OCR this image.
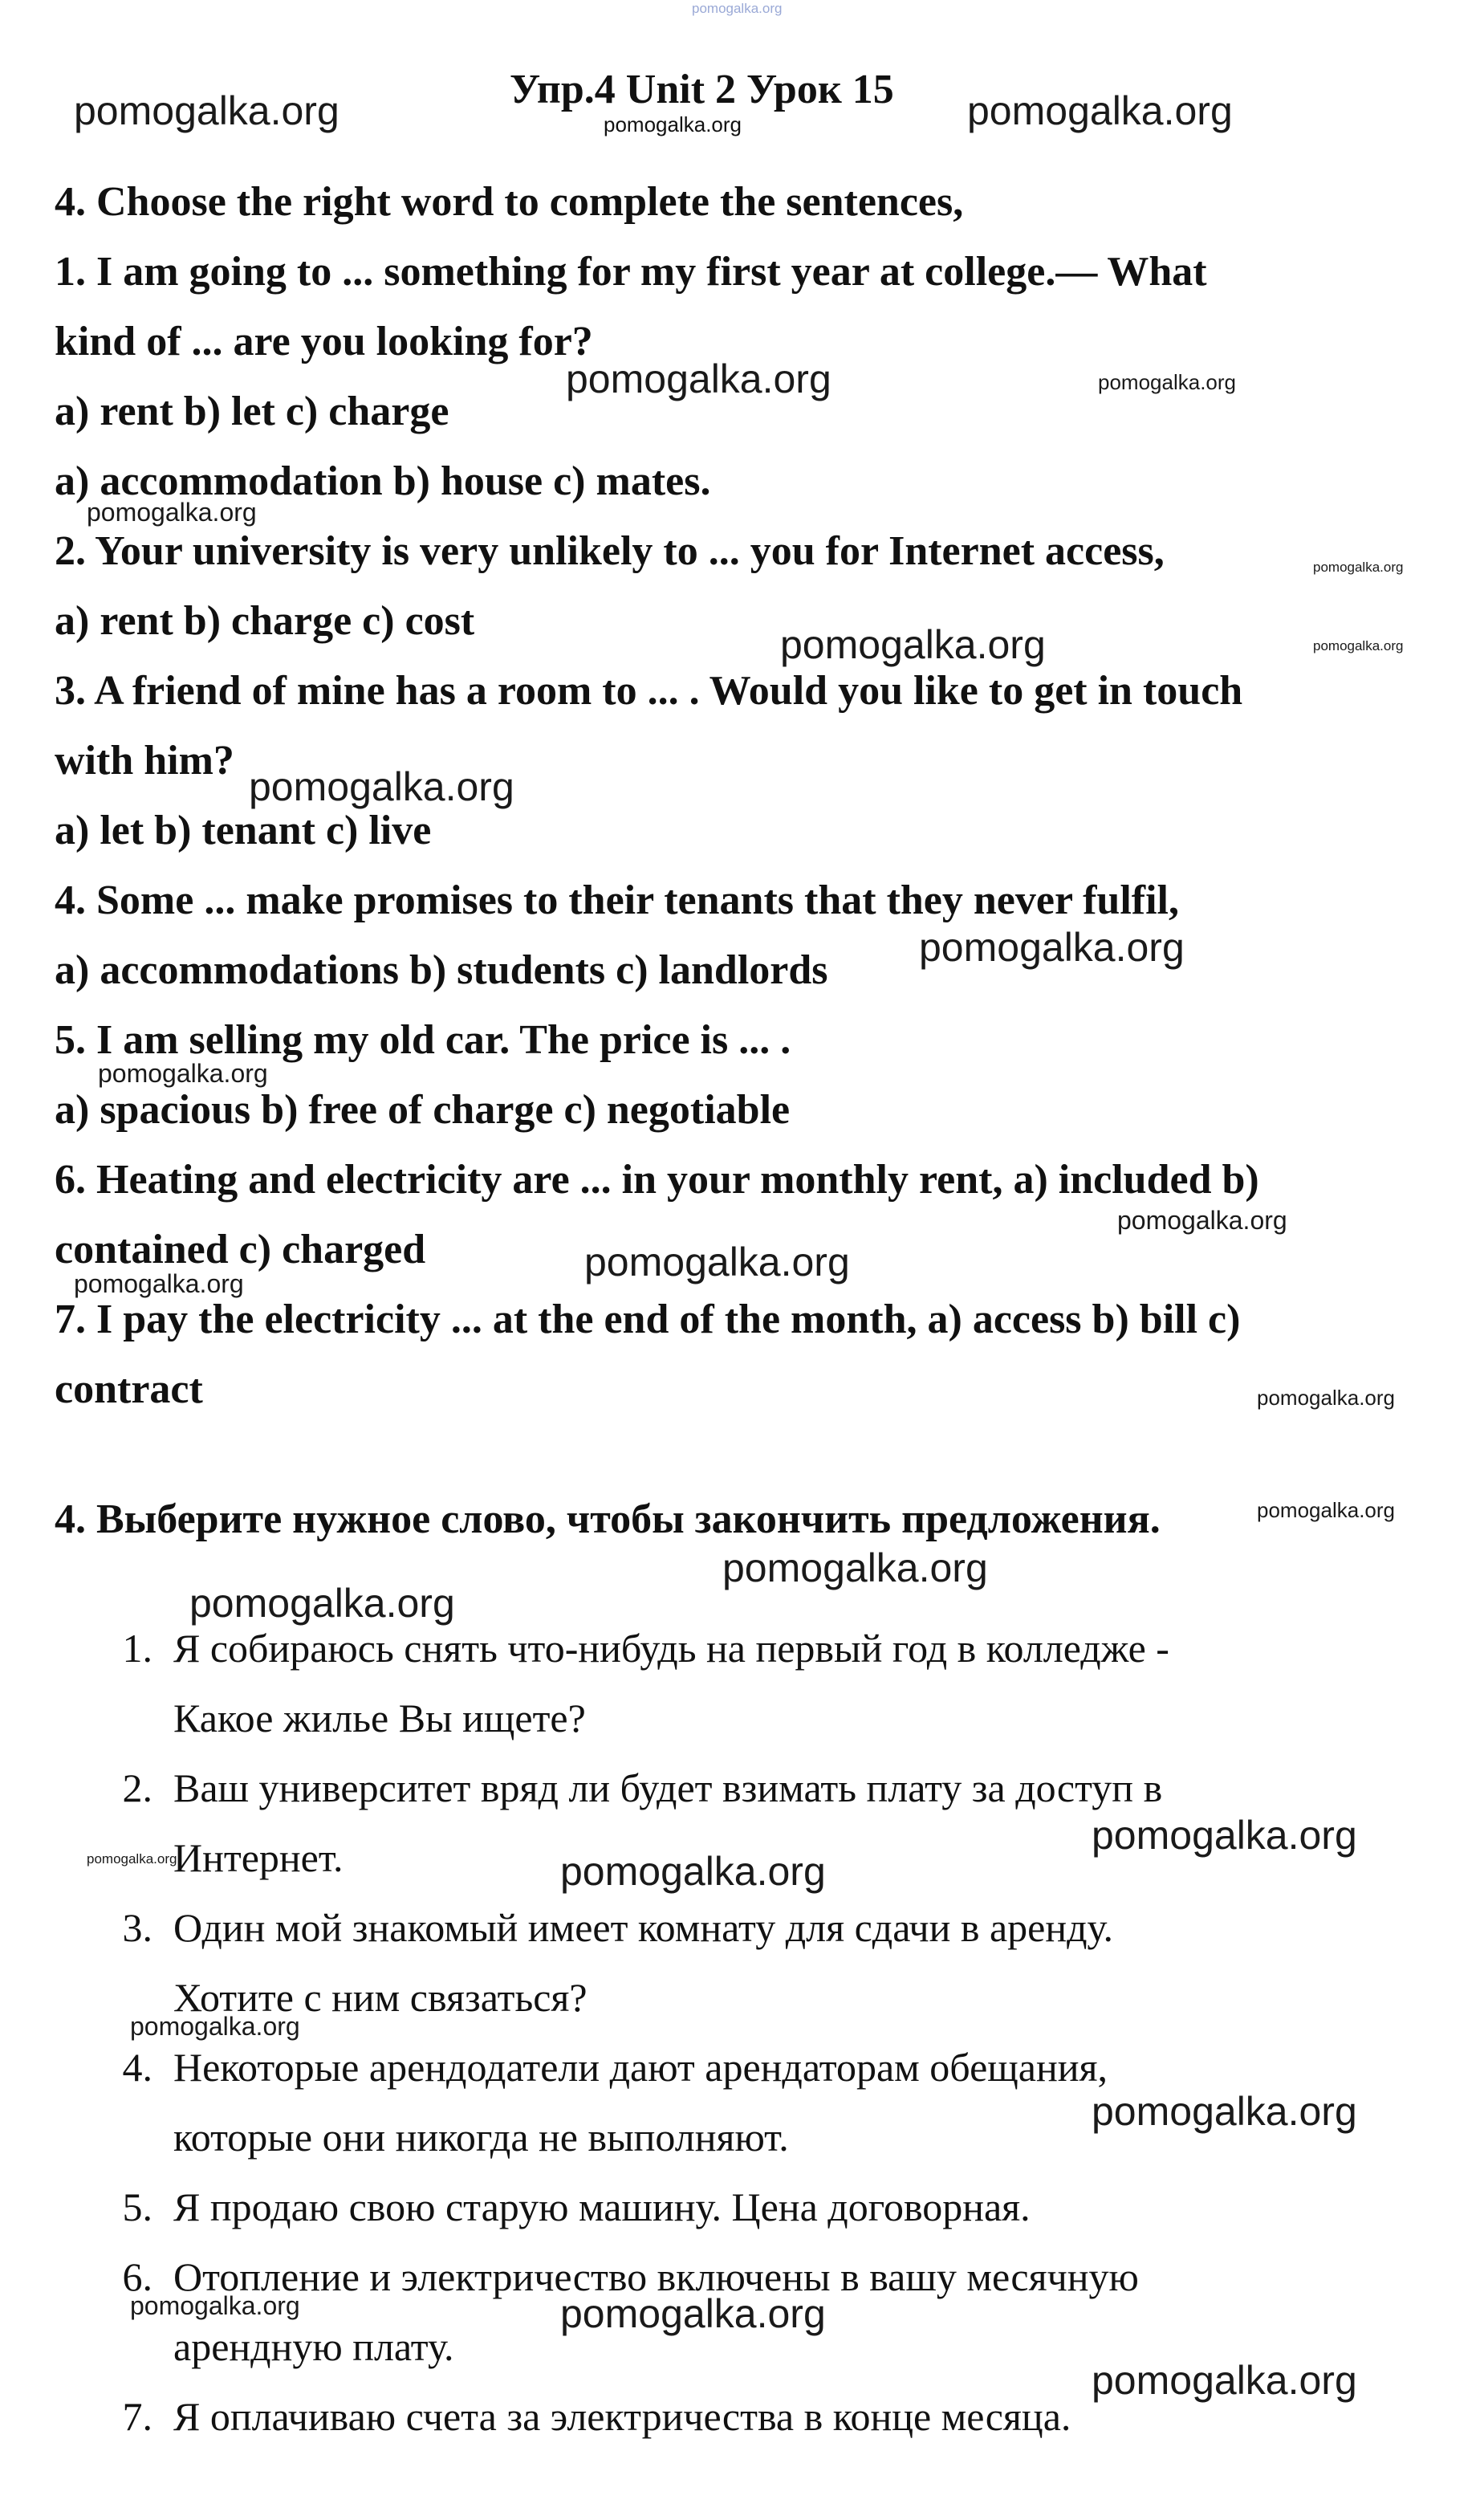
pomogalka.org
Упр.4 Unit 2 Урок 15
pomogalka.org
4. Choose the right word to complete the sentences,
1. I am going to ... something for my first year at college.— What
kind of ... are you looking for?
a) rent b) let c) charge
a) accommodation b) house c) mates.
2. Your university is very unlikely to ... you for Internet access,
a) rent b) charge c) cost
3. A friend of mine has a room to ... . Would you like to get in touch
with him?
a) let b) tenant c) live
4. Some ... make promises to their tenants that they never fulfil,
a) accommodations b) students c) landlords
5. I am selling my old car. The price is ... .
a) spacious b) free of charge c) negotiable
6. Heating and electricity are ... in your monthly rent, a) included b)
contained c) charged
7. I pay the electricity ... at the end of the month, a) access b) bill c)
contract
4. Выберите нужное слово, чтобы закончить предложения.
1. Я собираюсь снять что-нибудь на первый год в колледже -
Какое жилье Вы ищете?
2. Ваш университет вряд ли будет взимать плату за доступ в
Интернет.
3. Один мой знакомый имеет комнату для сдачи в аренду.
Хотите с ним связаться?
4. Некоторые арендодатели дают арендаторам обещания,
которые они никогда не выполняют.
5. Я продаю свою старую машину. Цена договорная.
6. Отопление и электричество включены в вашу месячную
арендную плату.
7. Я оплачиваю счета за электричества в конце месяца.
pomogalka.org	pomogalka.org
pomogalka.org	pomogalka.org
pomogalka.org
pomogalka.org
pomogalka.org	pomogalka.org
pomogalka.org
pomogalka.org
pomogalka.org
pomogalka.org
pomogalka.org
pomogalka.org
pomogalka.org
pomogalka.org
pomogalka.org
pomogalka.org
pomogalka.org
pomogalka.org
pomogalka.org
pomogalka.org
pomogalka.org
pomogalka.org	pomogalka.org
pomogalka.org
